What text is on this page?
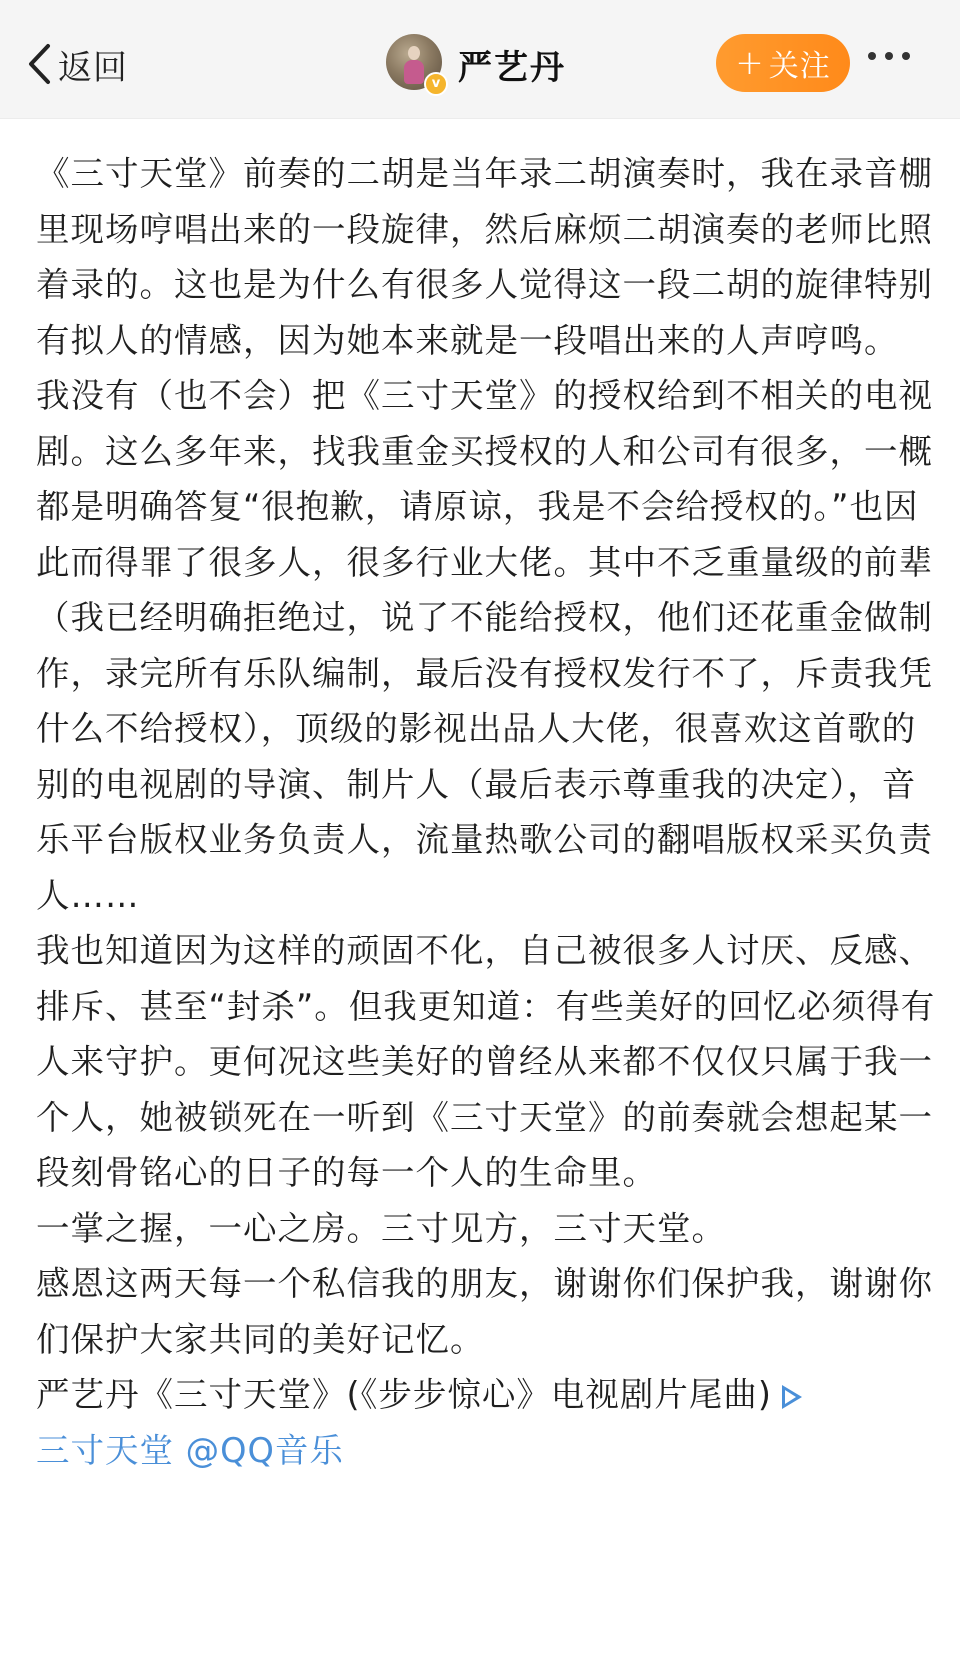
返回	v 严艺丹	+ 关注

《三寸天堂》前奏的二胡是当年录二胡演奏时，我在录音棚里现场哼唱出来的一段旋律，然后麻烦二胡演奏的老师比照着录的。这也是为什么有很多人觉得这一段二胡的旋律特别有拟人的情感，因为她本来就是一段唱出来的人声哼鸣。

我没有（也不会）把《三寸天堂》的授权给到不相关的电视剧。这么多年来，找我重金买授权的人和公司有很多，一概都是明确答复“很抱歉，请原谅，我是不会给授权的。”也因此而得罪了很多人，很多行业大佬。其中不乏重量级的前辈（我已经明确拒绝过，说了不能给授权，他们还花重金做制作，录完所有乐队编制，最后没有授权发行不了，斥责我凭什么不给授权），顶级的影视出品人大佬，很喜欢这首歌的别的电视剧的导演、制片人（最后表示尊重我的决定），音乐平台版权业务负责人，流量热歌公司的翻唱版权采买负责人……

我也知道因为这样的顽固不化，自己被很多人讨厌、反感、排斥、甚至“封杀”。但我更知道：有些美好的回忆必须得有人来守护。更何况这些美好的曾经从来都不仅仅只属于我一个人，她被锁死在一听到《三寸天堂》的前奏就会想起某一段刻骨铭心的日子的每一个人的生命里。

一掌之握，一心之房。三寸见方，三寸天堂。

感恩这两天每一个私信我的朋友，谢谢你们保护我，谢谢你们保护大家共同的美好记忆。

严艺丹《三寸天堂》(《步步惊心》电视剧片尾曲)

三寸天堂 @QQ音乐
